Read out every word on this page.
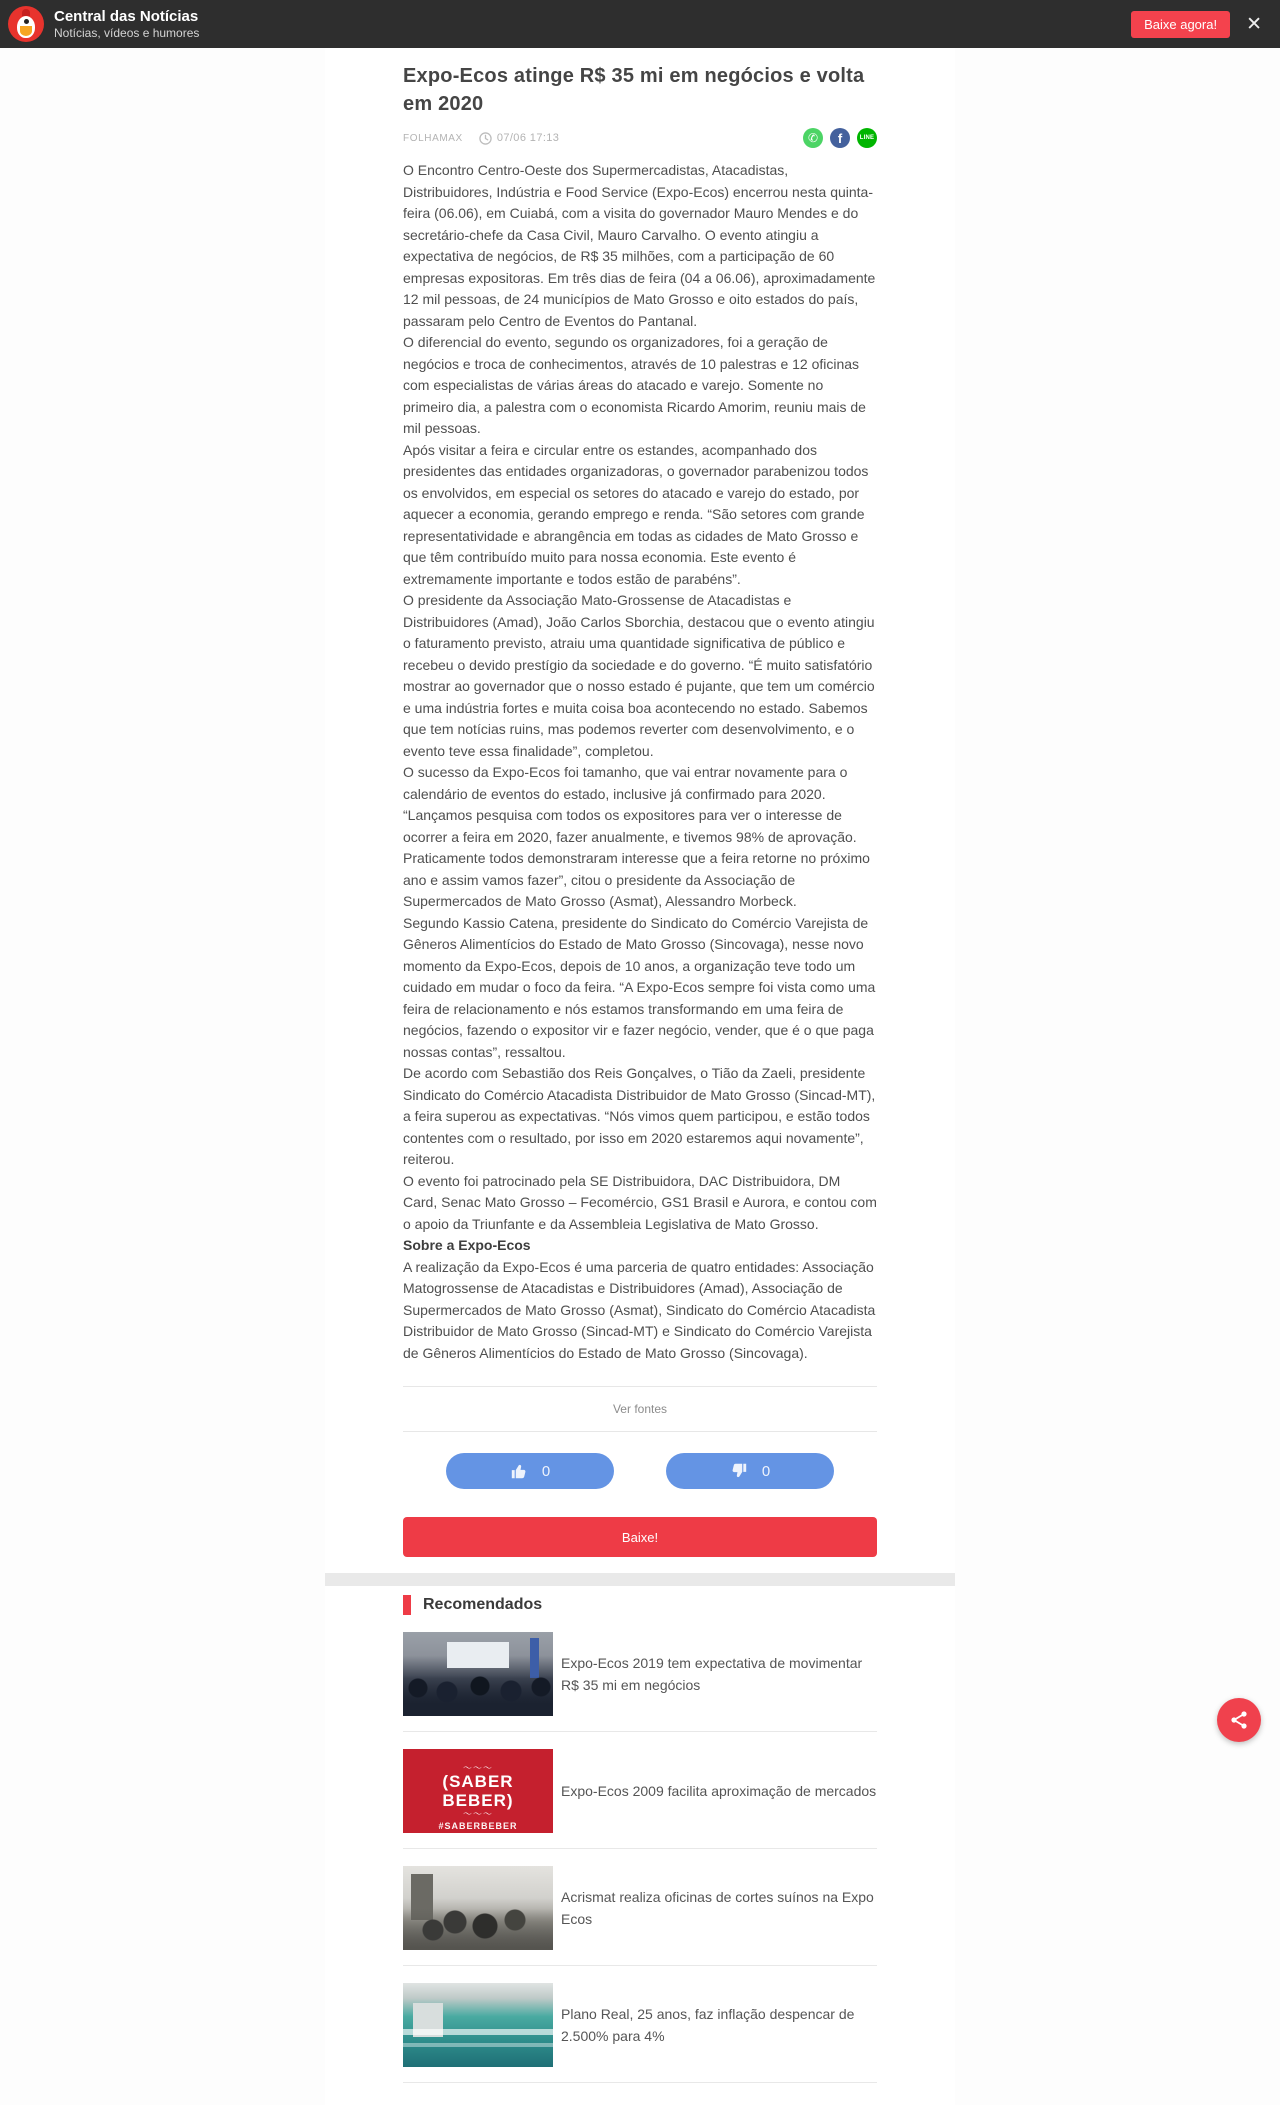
Central das Notícias
Notícias, vídeos e humores
Baixe agora!	✕
Expo-Ecos atinge R$ 35 mi em negócios e volta em 2020
FOLHAMAX	07/06 17:13	✆	f	LINE

O Encontro Centro-Oeste dos Supermercadistas, Atacadistas, Distribuidores, Indústria e Food Service (Expo-Ecos) encerrou nesta quinta-feira (06.06), em Cuiabá, com a visita do governador Mauro Mendes e do secretário-chefe da Casa Civil, Mauro Carvalho. O evento atingiu a expectativa de negócios, de R$ 35 milhões, com a participação de 60 empresas expositoras. Em três dias de feira (04 a 06.06), aproximadamente 12 mil pessoas, de 24 municípios de Mato Grosso e oito estados do país, passaram pelo Centro de Eventos do Pantanal.

O diferencial do evento, segundo os organizadores, foi a geração de negócios e troca de conhecimentos, através de 10 palestras e 12 oficinas com especialistas de várias áreas do atacado e varejo. Somente no primeiro dia, a palestra com o economista Ricardo Amorim, reuniu mais de mil pessoas.

Após visitar a feira e circular entre os estandes, acompanhado dos presidentes das entidades organizadoras, o governador parabenizou todos os envolvidos, em especial os setores do atacado e varejo do estado, por aquecer a economia, gerando emprego e renda. “São setores com grande representatividade e abrangência em todas as cidades de Mato Grosso e que têm contribuído muito para nossa economia. Este evento é extremamente importante e todos estão de parabéns”.

O presidente da Associação Mato-Grossense de Atacadistas e Distribuidores (Amad), João Carlos Sborchia, destacou que o evento atingiu o faturamento previsto, atraiu uma quantidade significativa de público e recebeu o devido prestígio da sociedade e do governo. “É muito satisfatório mostrar ao governador que o nosso estado é pujante, que tem um comércio e uma indústria fortes e muita coisa boa acontecendo no estado. Sabemos que tem notícias ruins, mas podemos reverter com desenvolvimento, e o evento teve essa finalidade”, completou.

O sucesso da Expo-Ecos foi tamanho, que vai entrar novamente para o calendário de eventos do estado, inclusive já confirmado para 2020. “Lançamos pesquisa com todos os expositores para ver o interesse de ocorrer a feira em 2020, fazer anualmente, e tivemos 98% de aprovação. Praticamente todos demonstraram interesse que a feira retorne no próximo ano e assim vamos fazer”, citou o presidente da Associação de Supermercados de Mato Grosso (Asmat), Alessandro Morbeck.

Segundo Kassio Catena, presidente do Sindicato do Comércio Varejista de Gêneros Alimentícios do Estado de Mato Grosso (Sincovaga), nesse novo momento da Expo-Ecos, depois de 10 anos, a organização teve todo um cuidado em mudar o foco da feira. “A Expo-Ecos sempre foi vista como uma feira de relacionamento e nós estamos transformando em uma feira de negócios, fazendo o expositor vir e fazer negócio, vender, que é o que paga nossas contas”, ressaltou.

De acordo com Sebastião dos Reis Gonçalves, o Tião da Zaeli, presidente Sindicato do Comércio Atacadista Distribuidor de Mato Grosso (Sincad-MT), a feira superou as expectativas. “Nós vimos quem participou, e estão todos contentes com o resultado, por isso em 2020 estaremos aqui novamente”, reiterou.

O evento foi patrocinado pela SE Distribuidora, DAC Distribuidora, DM Card, Senac Mato Grosso – Fecomércio, GS1 Brasil e Aurora, e contou com o apoio da Triunfante e da Assembleia Legislativa de Mato Grosso.

Sobre a Expo-Ecos

A realização da Expo-Ecos é uma parceria de quatro entidades: Associação Matogrossense de Atacadistas e Distribuidores (Amad), Associação de Supermercados de Mato Grosso (Asmat), Sindicato do Comércio Atacadista Distribuidor de Mato Grosso (Sincad-MT) e Sindicato do Comércio Varejista de Gêneros Alimentícios do Estado de Mato Grosso (Sincovaga).

Ver fontes
0	0
Baixe!
Recomendados
Expo-Ecos 2019 tem expectativa de movimentar R$ 35 mi em negócios
〜〜〜
(SABER
BEBER)
〜〜〜
#SABERBEBER
Expo-Ecos 2009 facilita aproximação de mercados
Acrismat realiza oficinas de cortes suínos na Expo Ecos
Plano Real, 25 anos, faz inflação despencar de 2.500% para 4%
